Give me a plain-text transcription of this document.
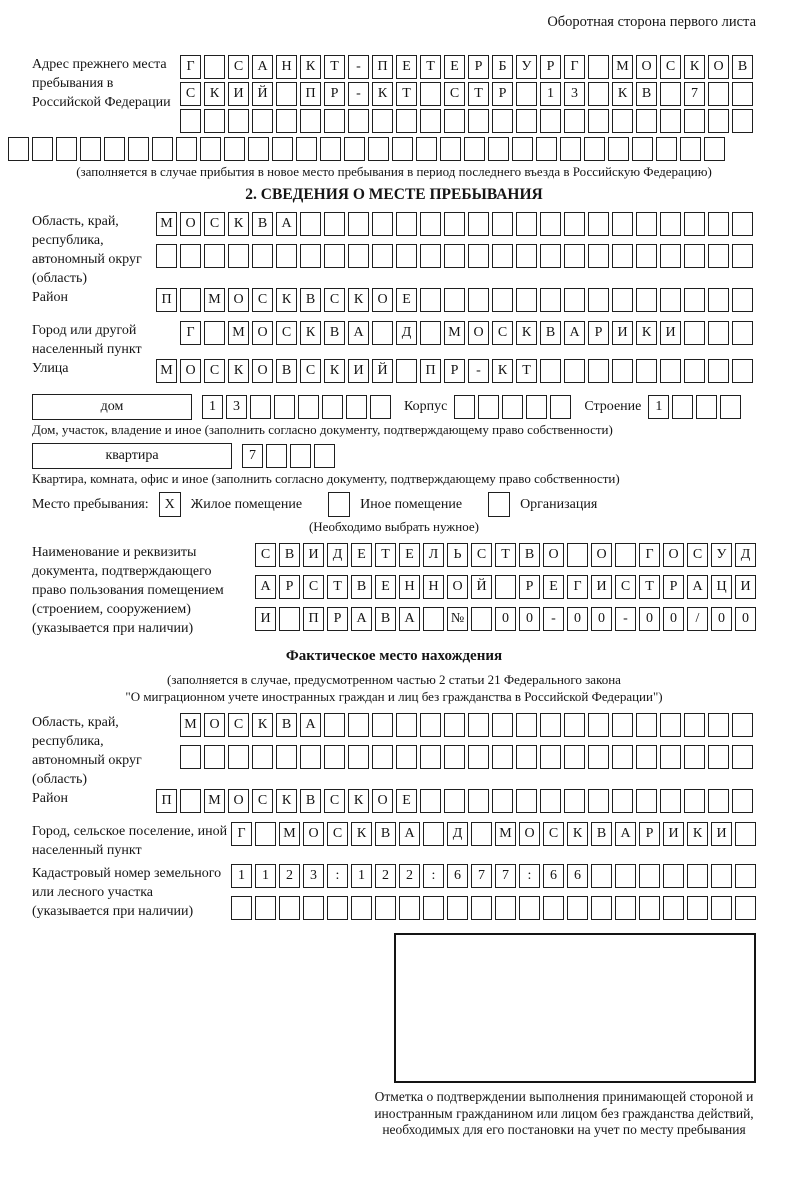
Оборотная сторона первого листа
Адрес прежнего места пребывания в Российской Федерации
Г	С	А Н	К	Т	-	П	Е	Т	Е	Р	Б	У	Р	Г	М О	С	К	О	В
С	К	И Й	П	Р	-	К	Т	С	Т	Р	1	3	К	В	7
(заполняется в случае прибытия в новое место пребывания в период последнего въезда в Российскую Федерацию)
2. СВЕДЕНИЯ О МЕСТЕ ПРЕБЫВАНИЯ
Область, край, республика, автономный округ (область)
М О	С	К	В	А
Район	П	М О	С	К	В	С	К	О	Е
Город или другой населенный пункт
Г	М О	С	К	В	А	Д	М О	С	К	В	А	Р	И	К	И
Улица	М О	С	К	О	В	С	К	И Й	П	Р	-	К	Т
дом	1	3	Корпус	Строение	1
Дом, участок, владение и иное (заполнить согласно документу, подтверждающему право собственности)
квартира	7
Квартира, комната, офис и иное (заполнить согласно документу, подтверждающему право собственности)
Место пребывания:	X	Жилое помещение	Иное помещение	Организация
(Необходимо выбрать нужное)
Наименование и реквизиты документа, подтверждающего право пользования помещением (строением, сооружением) (указывается при наличии)
С	В	И	Д	Е	Т	Е	Л	Ь	С	Т	В	О	О	Г	О	С	У	Д
А	Р	С	Т	В	Е	Н Н О Й	Р	Е	Г	И	С	Т	Р	А Ц И
И	П	Р	А	В	А	№	0	0	-	0	0	-	0	0	/	0	0
Фактическое место нахождения
(заполняется в случае, предусмотренном частью 2 статьи 21 Федерального закона
"О миграционном учете иностранных граждан и лиц без гражданства в Российской Федерации")
Область, край, республика, автономный округ (область)
М О	С	К	В	А
Район	П	М О	С	К	В	С	К	О	Е
Город, сельское поселение, иной населенный пункт
Г	М О	С	К	В	А	Д	М О	С	К	В	А	Р	И	К	И
Кадастровый номер земельного или лесного участка (указывается при наличии)
1	1	2	3	:	1	2	2	:	6	7	7	:	6	6
Отметка о подтверждении выполнения принимающей стороной и иностранным гражданином или лицом без гражданства действий, необходимых для его постановки на учет по месту пребывания
